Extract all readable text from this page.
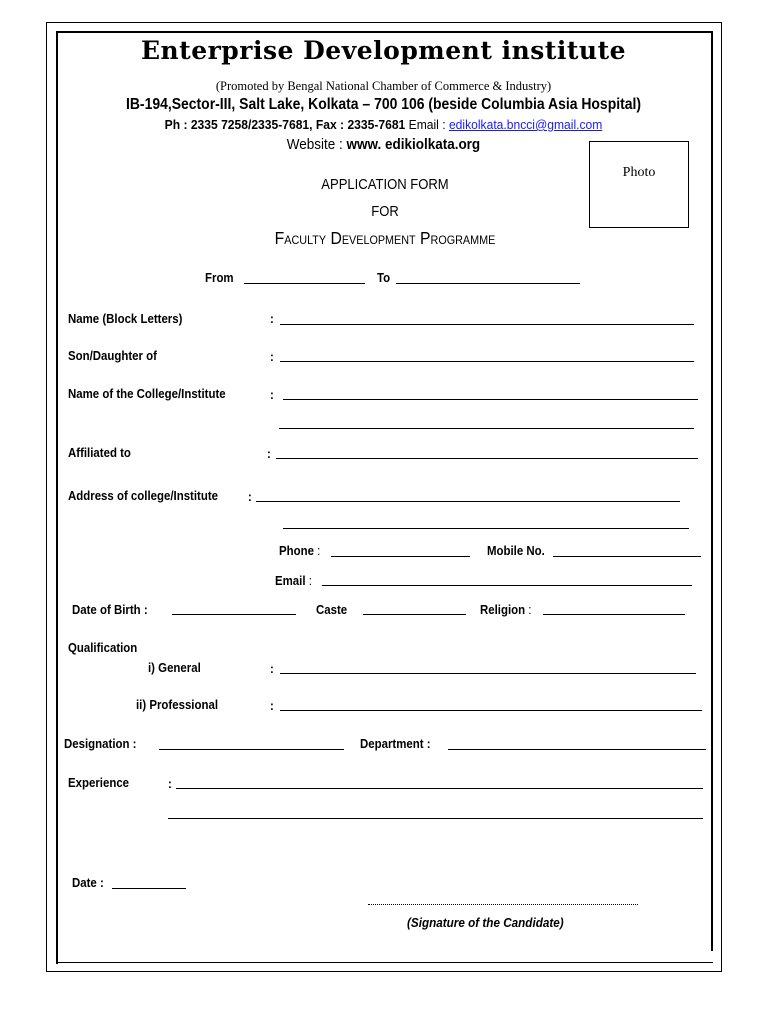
Enterprise Development institute
(Promoted by Bengal National Chamber of Commerce & Industry)
IB-194,Sector-III, Salt Lake, Kolkata – 700 106 (beside Columbia Asia Hospital)
Ph : 2335 7258/2335-7681, Fax : 2335-7681 Email : edikolkata.bncci@gmail.com
Website : www. edikiolkata.org
Photo
APPLICATION FORM
FOR
Faculty Development Programme
From	To
Name (Block Letters)	:
Son/Daughter of	:
Name of the College/Institute	:
Affiliated to	:
Address of college/Institute :
Phone :	Mobile No.
Email :
Date of Birth :	Caste	Religion :
Qualification
i) General	:
ii) Professional	:
Designation :	Department :
Experience	:
Date :
(Signature of the Candidate)
